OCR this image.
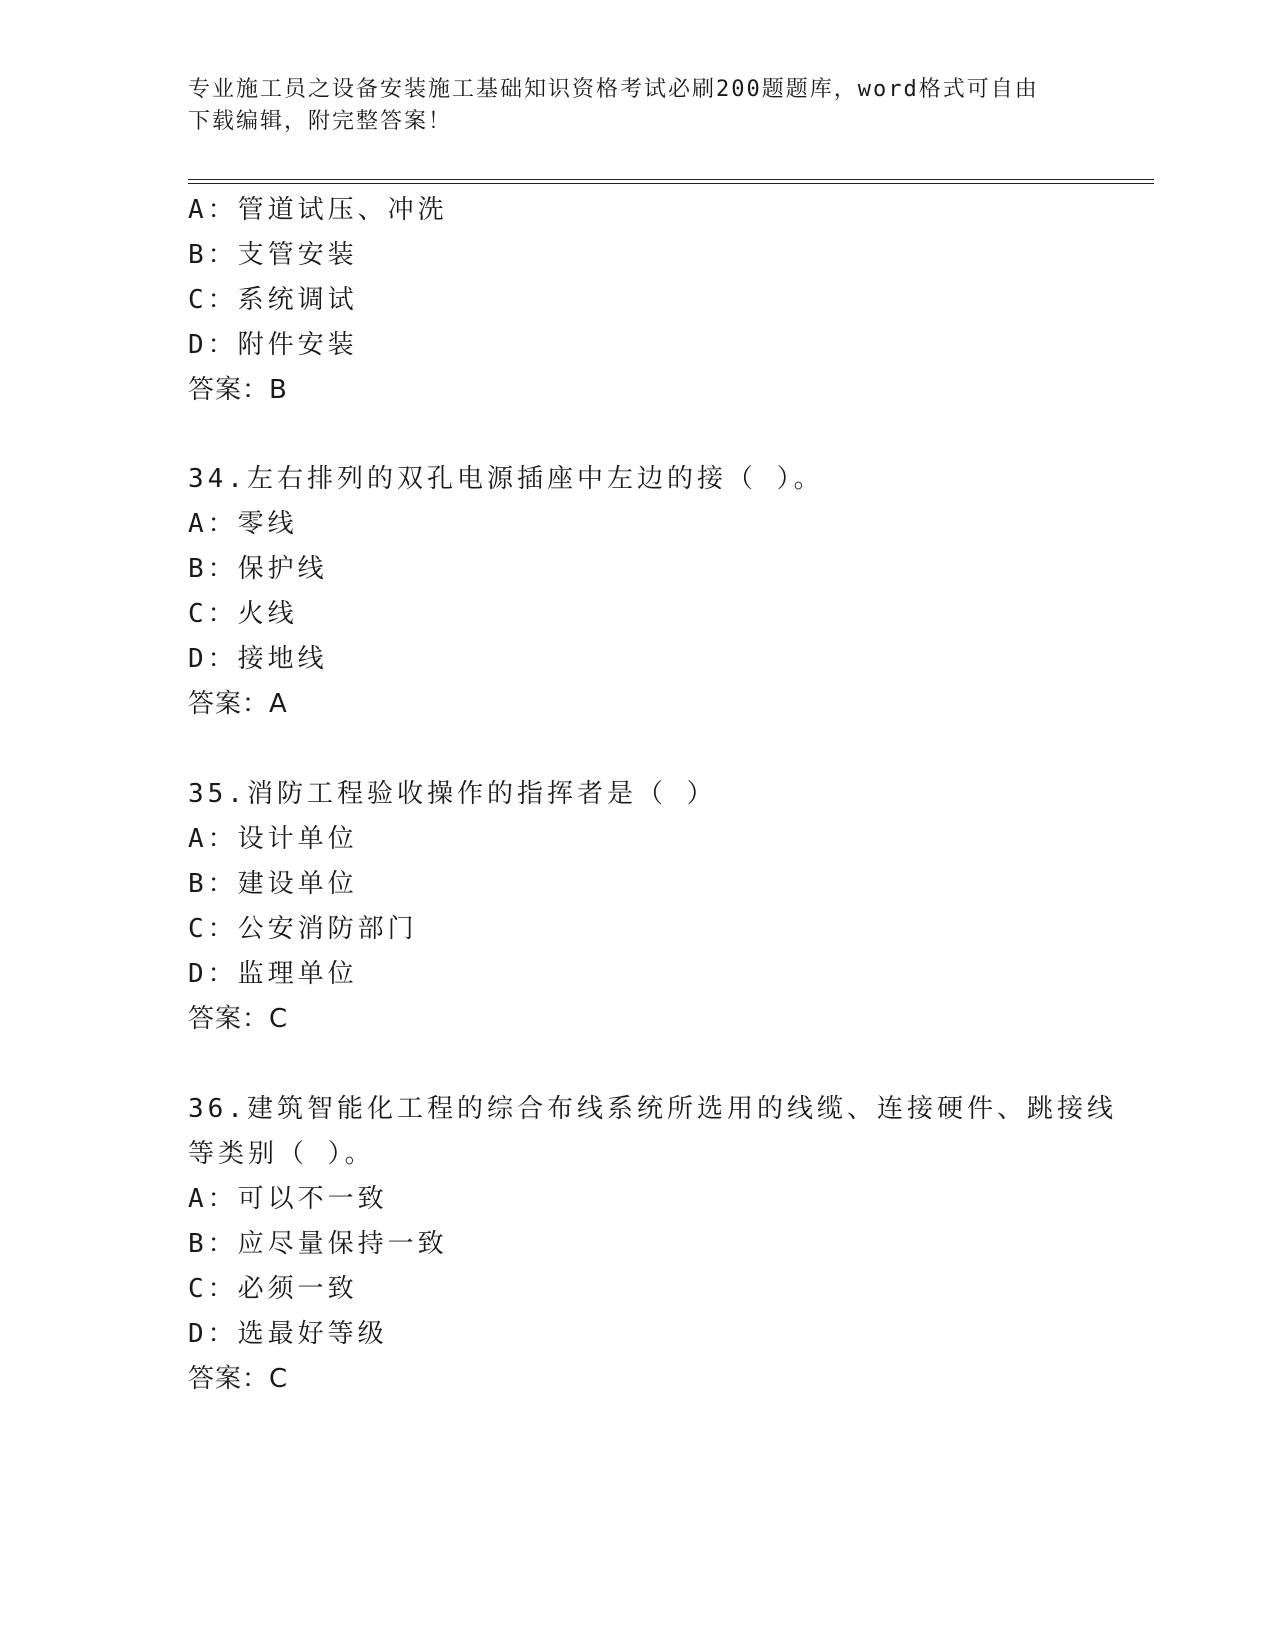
专业施工员之设备安装施工基础知识资格考试必刷200题题库，word格式可自由
下载编辑，附完整答案！
A：管道试压、冲洗
B：支管安装
C：系统调试
D：附件安装
答案：B
34.左右排列的双孔电源插座中左边的接（ ）。
A：零线
B：保护线
C：火线
D：接地线
答案：A
35.消防工程验收操作的指挥者是（ ）
A：设计单位
B：建设单位
C：公安消防部门
D：监理单位
答案：C
36.建筑智能化工程的综合布线系统所选用的线缆、连接硬件、跳接线
等类别（ ）。
A：可以不一致
B：应尽量保持一致
C：必须一致
D：选最好等级
答案：C
